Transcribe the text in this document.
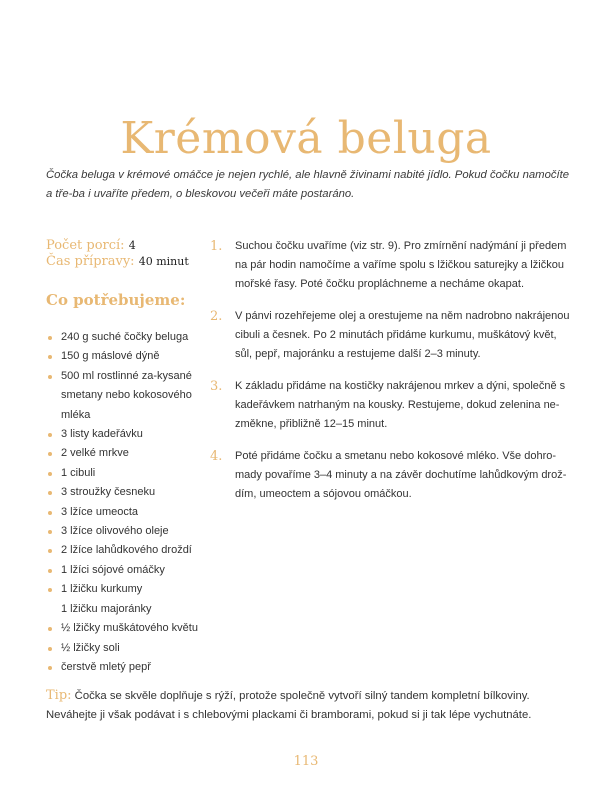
Krémová beluga

Čočka beluga v krémové omáčce je nejen rychlé, ale hlavně živinami nabité jídlo. Pokud čočku namočíte a tře-ba i uvaříte předem, o bleskovou večeři máte postaráno.

Počet porcí: 4
Čas přípravy: 40 minut
Co potřebujeme:
240 g suché čočky beluga
150 g máslové dýně
500 ml rostlinné za-kysané smetany nebo kokosového mléka
3 listy kadeřávku
2 velké mrkve
1 cibuli
3 stroužky česneku
3 lžíce umeocta
3 lžíce olivového oleje
2 lžíce lahůdkového droždí
1 lžíci sójové omáčky
1 lžičku kurkumy
1 lžičku majoránky
½ lžičky muškátového květu
½ lžičky soli
čerstvě mletý pepř
1. Suchou čočku uvaříme (viz str. 9). Pro zmírnění nadýmání ji předem na pár hodin namočíme a vaříme spolu s lžičkou saturejky a lžičkou mořské řasy. Poté čočku propláchneme a necháme okapat.
2. V pánvi rozehřejeme olej a orestujeme na něm nadrobno nakrájenou cibuli a česnek. Po 2 minutách přidáme kurkumu, muškátový květ, sůl, pepř, majoránku a restujeme další 2–3 minuty.
3. K základu přidáme na kostičky nakrájenou mrkev a dýni, společně s kadeřávkem natrhaným na kousky. Restujeme, dokud zelenina ne-změkne, přibližně 12–15 minut.
4. Poté přidáme čočku a smetanu nebo kokosové mléko. Vše dohro-mady povaříme 3–4 minuty a na závěr dochutíme lahůdkovým drož-dím, umeoctem a sójovou omáčkou.

Tip: Čočka se skvěle doplňuje s rýží, protože společně vytvoří silný tandem kompletní bílkoviny. Neváhejte ji však podávat i s chlebovými plackami či bramborami, pokud si ji tak lépe vychutnáte.

113
